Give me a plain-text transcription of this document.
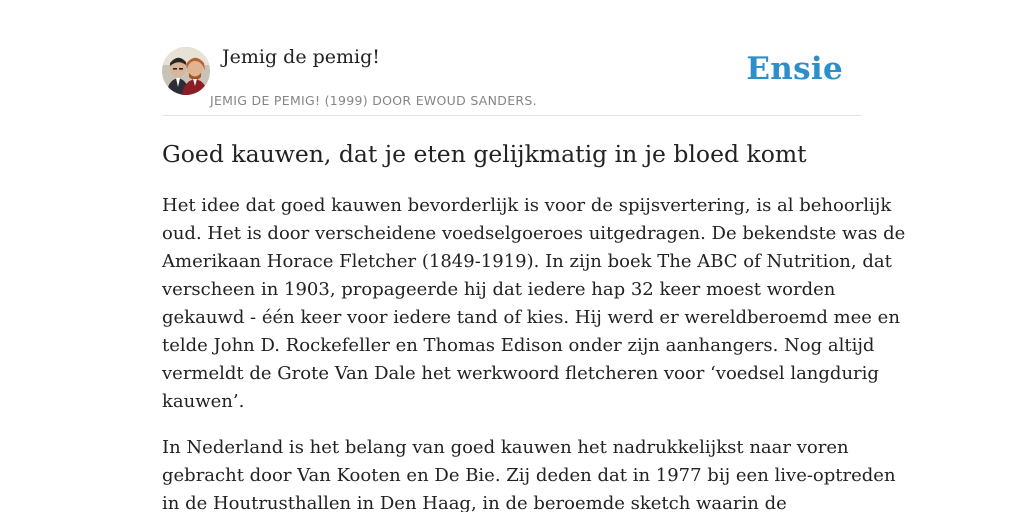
Jemig de pemig!
JEMIG DE PEMIG! (1999) DOOR EWOUD SANDERS.
Ensie
Goed kauwen, dat je eten gelijkmatig in je bloed komt

Het idee dat goed kauwen bevorderlijk is voor de spijsvertering, is al behoorlijk
oud. Het is door verscheidene voedselgoeroes uitgedragen. De bekendste was de
Amerikaan Horace Fletcher (1849-1919). In zijn boek The ABC of Nutrition, dat
verscheen in 1903, propageerde hij dat iedere hap 32 keer moest worden
gekauwd - één keer voor iedere tand of kies. Hij werd er wereldberoemd mee en
telde John D. Rockefeller en Thomas Edison onder zijn aanhangers. Nog altijd
vermeldt de Grote Van Dale het werkwoord fletcheren voor ‘voedsel langdurig
kauwen’.

In Nederland is het belang van goed kauwen het nadrukkelijkst naar voren
gebracht door Van Kooten en De Bie. Zij deden dat in 1977 bij een live-optreden
in de Houtrusthallen in Den Haag, in de beroemde sketch waarin de
